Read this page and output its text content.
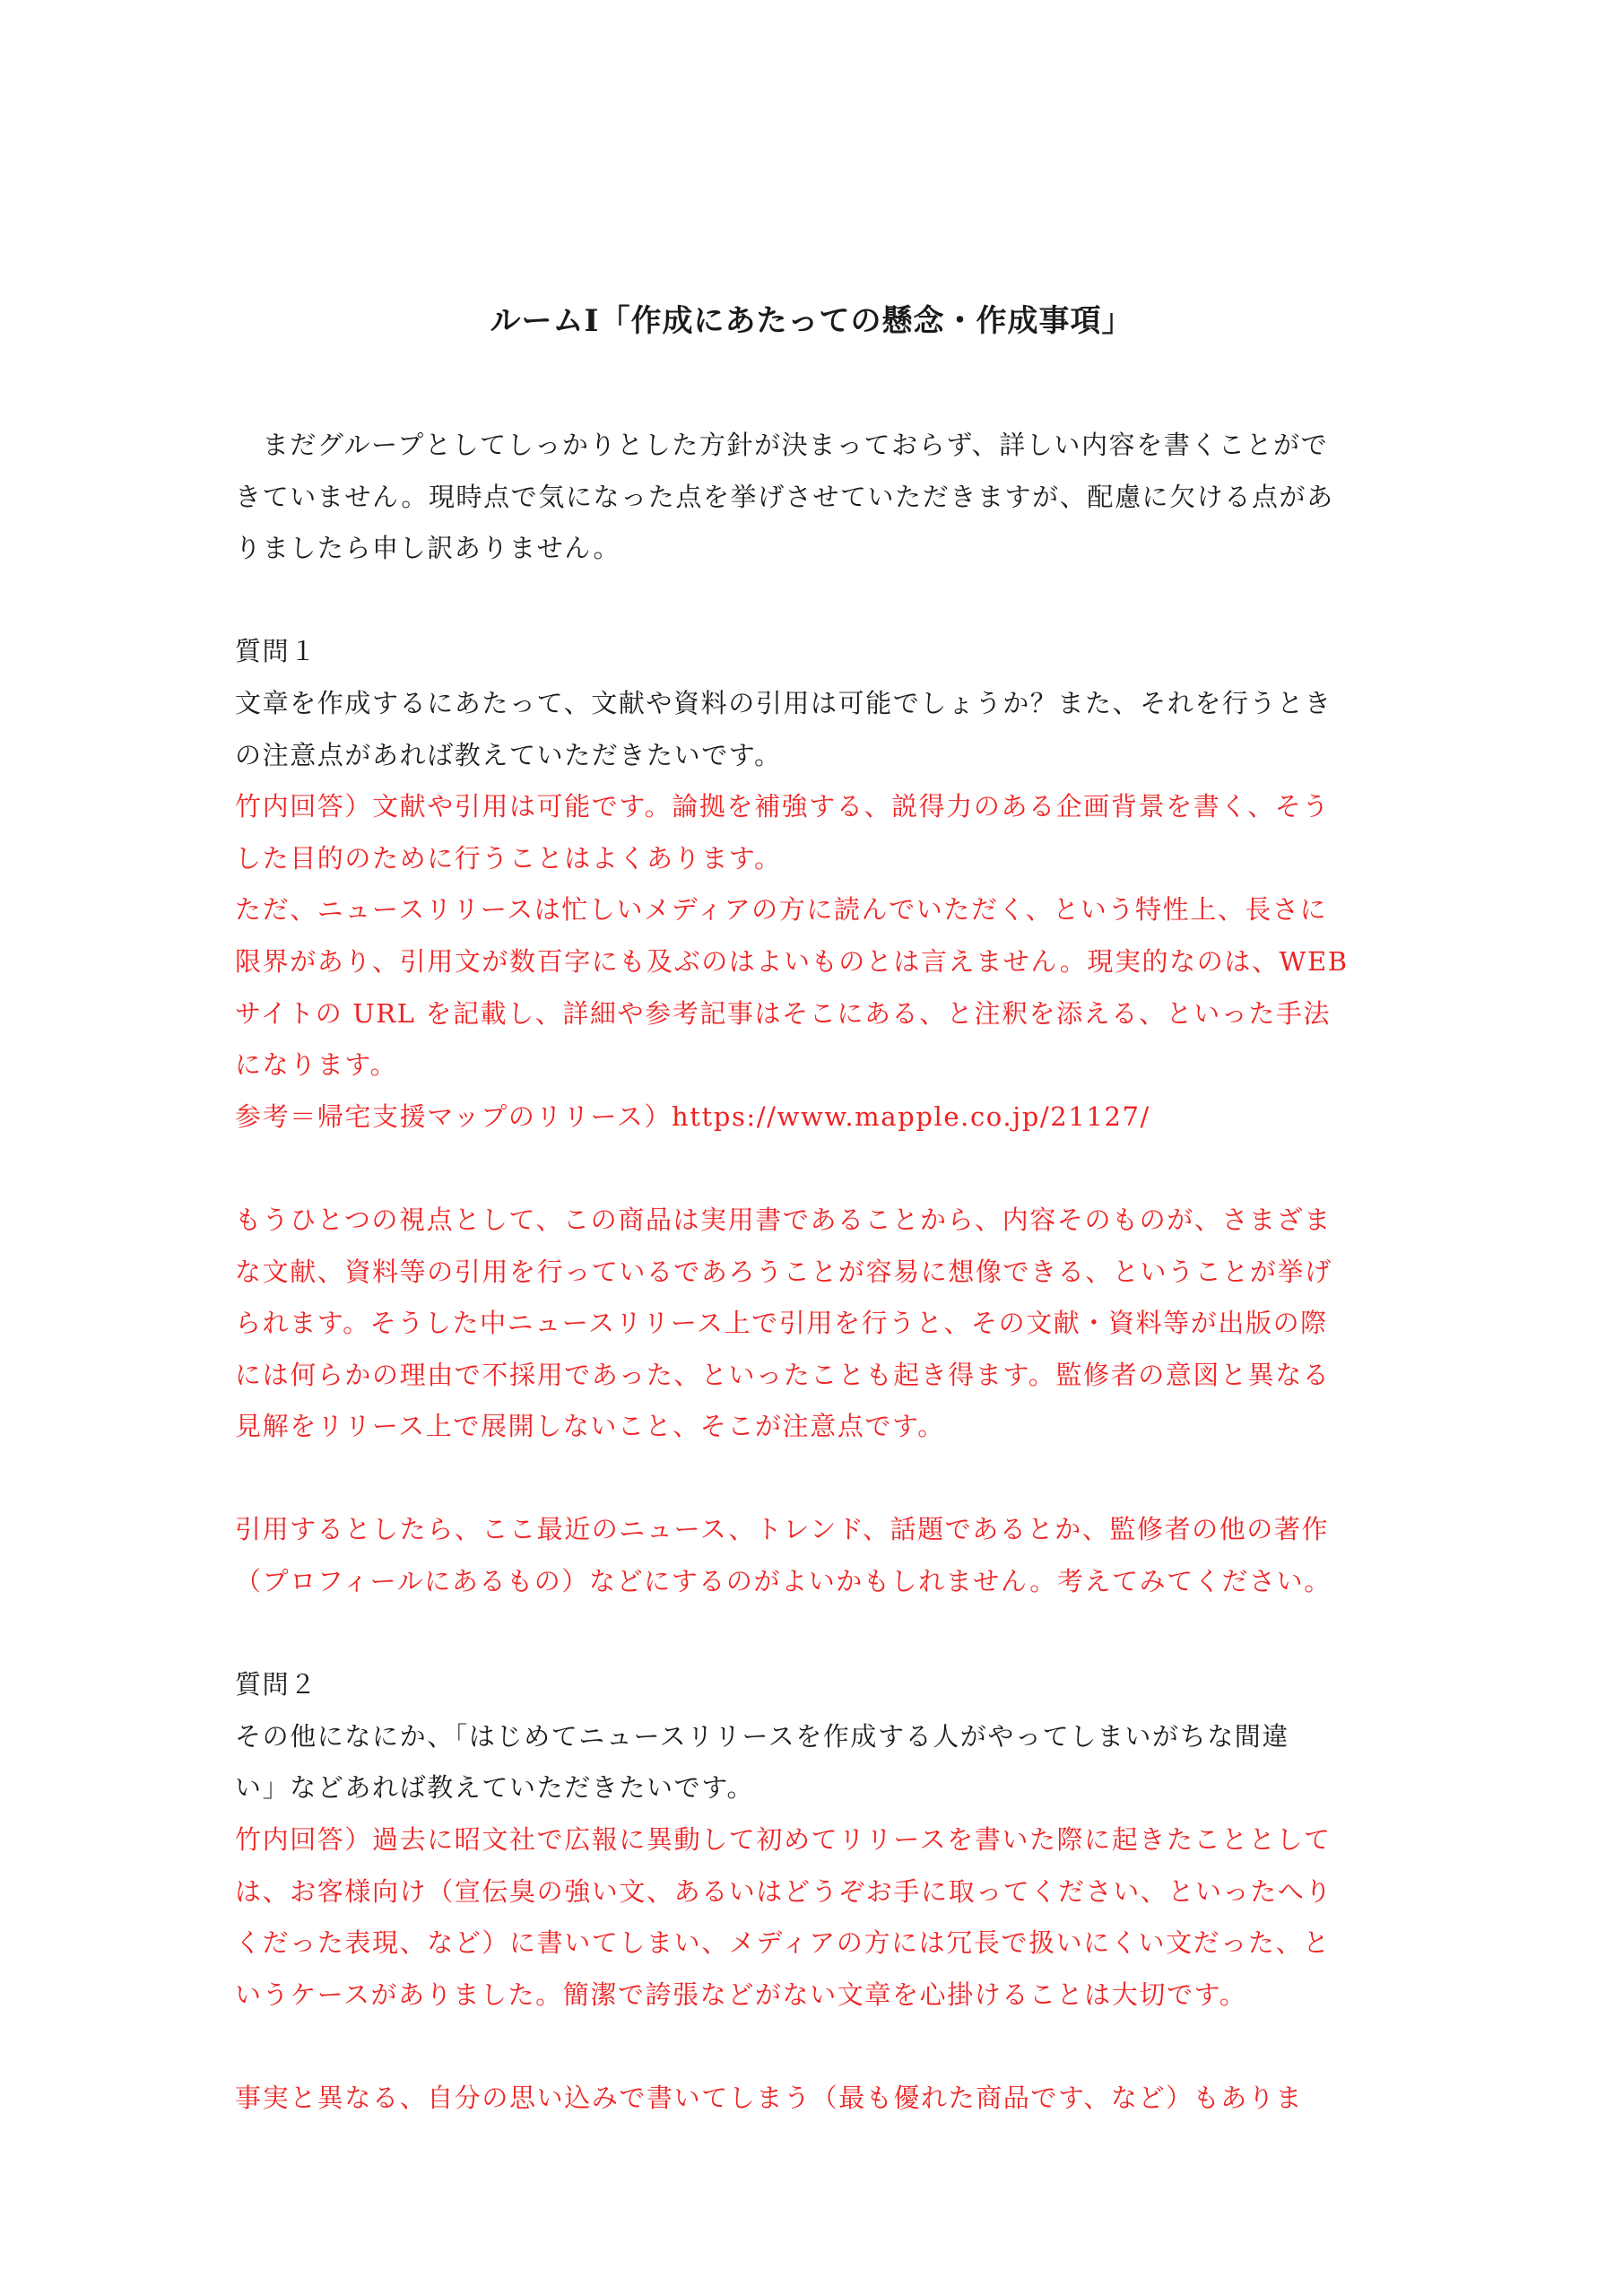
ルームⅠ「作成にあたっての懸念・作成事項」
　まだグループとしてしっかりとした方針が決まっておらず、詳しい内容を書くことがで
きていません。現時点で気になった点を挙げさせていただきますが、配慮に欠ける点があ
りましたら申し訳ありません。
質問１
文章を作成するにあたって、文献や資料の引用は可能でしょうか？また、それを行うとき
の注意点があれば教えていただきたいです。
竹内回答）文献や引用は可能です。論拠を補強する、説得力のある企画背景を書く、そう
した目的のために行うことはよくあります。
ただ、ニュースリリースは忙しいメディアの方に読んでいただく、という特性上、長さに
限界があり、引用文が数百字にも及ぶのはよいものとは言えません。現実的なのは、WEB
サイトの URL を記載し、詳細や参考記事はそこにある、と注釈を添える、といった手法
になります。
参考＝帰宅支援マップのリリース）https://www.mapple.co.jp/21127/
もうひとつの視点として、この商品は実用書であることから、内容そのものが、さまざま
な文献、資料等の引用を行っているであろうことが容易に想像できる、ということが挙げ
られます。そうした中ニュースリリース上で引用を行うと、その文献・資料等が出版の際
には何らかの理由で不採用であった、といったことも起き得ます。監修者の意図と異なる
見解をリリース上で展開しないこと、そこが注意点です。
引用するとしたら、ここ最近のニュース、トレンド、話題であるとか、監修者の他の著作
（プロフィールにあるもの）などにするのがよいかもしれません。考えてみてください。
質問２
その他になにか、「はじめてニュースリリースを作成する人がやってしまいがちな間違
い」などあれば教えていただきたいです。
竹内回答）過去に昭文社で広報に異動して初めてリリースを書いた際に起きたこととして
は、お客様向け（宣伝臭の強い文、あるいはどうぞお手に取ってください、といったへり
くだった表現、など）に書いてしまい、メディアの方には冗長で扱いにくい文だった、と
いうケースがありました。簡潔で誇張などがない文章を心掛けることは大切です。
事実と異なる、自分の思い込みで書いてしまう（最も優れた商品です、など）もありま
